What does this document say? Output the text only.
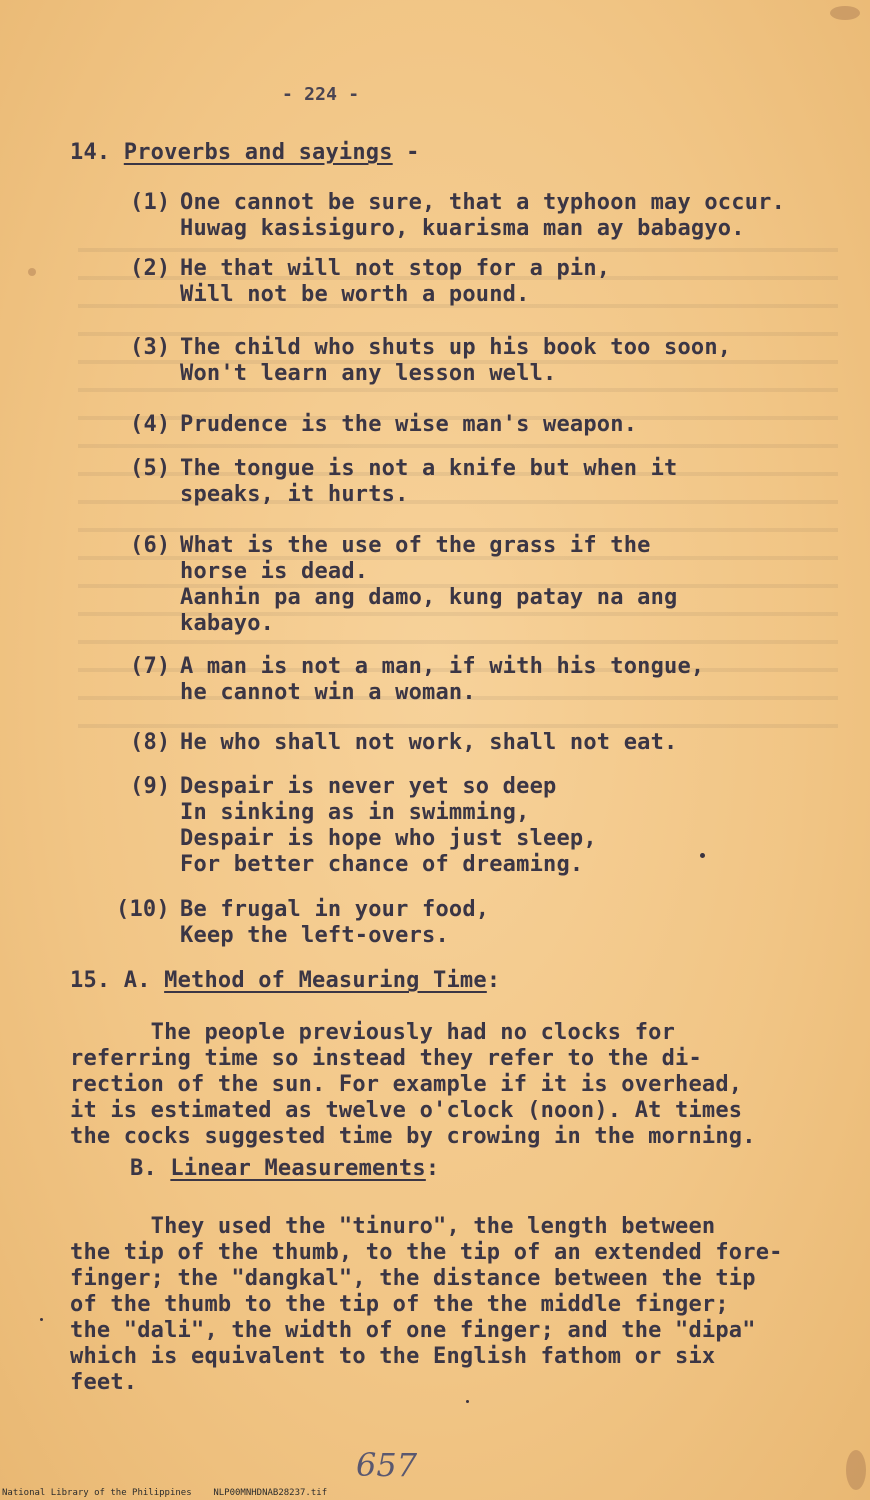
- 224 -
14. Proverbs and sayings -
(1) One cannot be sure, that a typhoon may occur.
Huwag kasisiguro, kuarisma man ay babagyo.
(2) He that will not stop for a pin,
Will not be worth a pound.
(3) The child who shuts up his book too soon,
Won't learn any lesson well.
(4) Prudence is the wise man's weapon.
(5) The tongue is not a knife but when it
speaks, it hurts.
(6) What is the use of the grass if the
horse is dead.
Aanhin pa ang damo, kung patay na ang
kabayo.
(7) A man is not a man, if with his tongue,
he cannot win a woman.
(8) He who shall not work, shall not eat.
(9) Despair is never yet so deep
In sinking as in swimming,
Despair is hope who just sleep,
For better chance of dreaming.
(10) Be frugal in your food,
Keep the left-overs.
15. A. Method of Measuring Time:
The people previously had no clocks for
referring time so instead they refer to the di-
rection of the sun. For example if it is overhead,
it is estimated as twelve o'clock (noon). At times
the cocks suggested time by crowing in the morning.
B. Linear Measurements:
They used the "tinuro", the length between
the tip of the thumb, to the tip of an extended fore-
finger; the "dangkal", the distance between the tip
of the thumb to the tip of the the middle finger;
the "dali", the width of one finger; and the "dipa"
which is equivalent to the English fathom or six
feet.
657
National Library of the Philippines    NLP00MNHDNAB28237.tif
